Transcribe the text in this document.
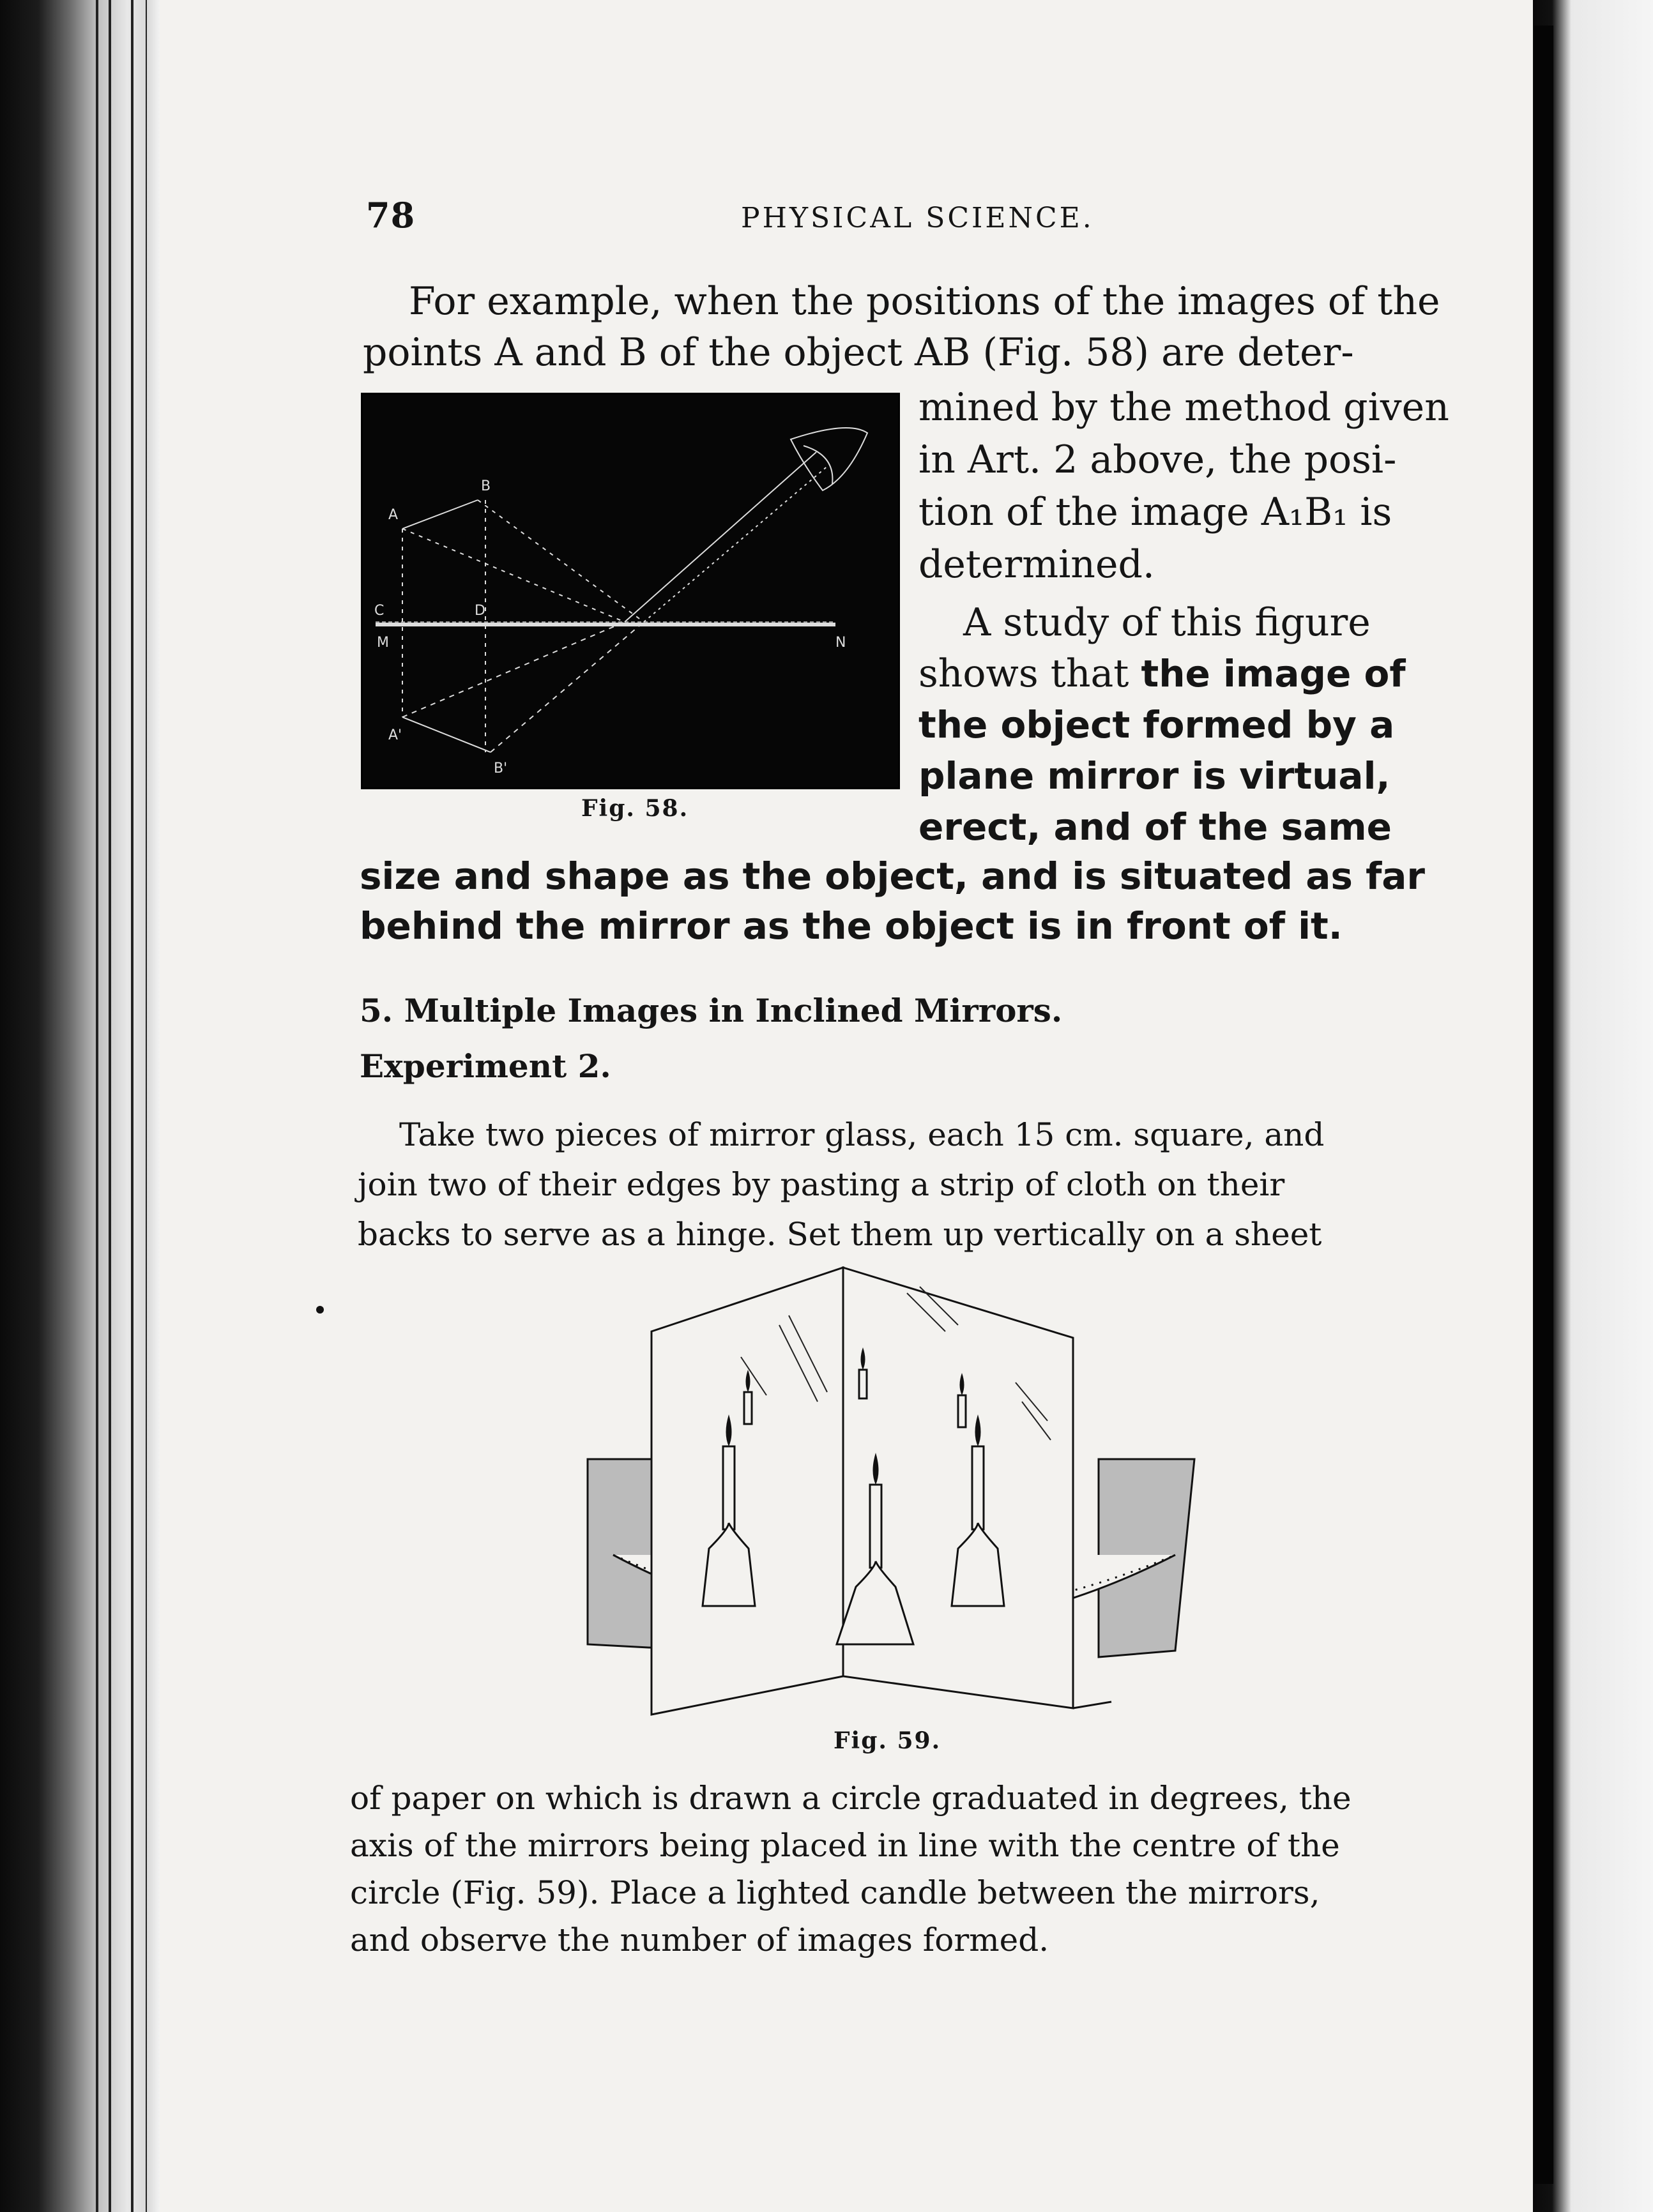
78	PHYSICAL SCIENCE.
For example, when the positions of the images of the
points A and B of the object AB (Fig. 58) are deter-
mined by the method given
in Art. 2 above, the posi-
tion of the image A₁B₁ is
determined.
A study of this figure
shows that the image of
the object formed by a
plane mirror is virtual,
erect, and of the same
size and shape as the object, and is situated as far
behind the mirror as the object is in front of it.
A
B
C	D
M	N
A'
B'
Fig. 58.
5. Multiple Images in Inclined Mirrors.
Experiment 2.
Take two pieces of mirror glass, each 15 cm. square, and
join two of their edges by pasting a strip of cloth on their
backs to serve as a hinge. Set them up vertically on a sheet
Fig. 59.
of paper on which is drawn a circle graduated in degrees, the
axis of the mirrors being placed in line with the centre of the
circle (Fig. 59). Place a lighted candle between the mirrors,
and observe the number of images formed.
